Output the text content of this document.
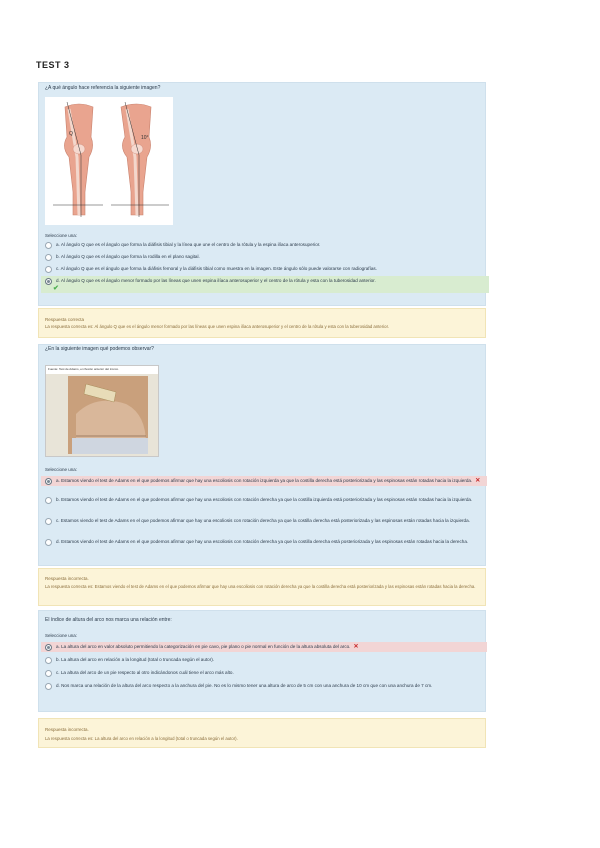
TEST 3
¿A qué ángulo hace referencia la siguiente imagen?
Q
10°
Seleccione una:
a. Al ángulo Q que es el ángulo que forma la diáfisis tibial y la línea que une el centro de la rótula y la espina ilíaca anterosuperior.
b. Al ángulo Q que es el ángulo que forma la rodilla en el plano sagital.
c. Al ángulo Q que es el ángulo que forma la diáfisis femoral y la diáfisis tibial como muestra en la imagen. Este ángulo sólo puede valorarse con radiografías.
d. Al ángulo Q que es el ángulo menor formado por las líneas que unen espina ilíaca anterosuperior y el centro de la rótula y esta con la tuberosidad anterior.
✔
Respuesta correcta
La respuesta correcta es: Al ángulo Q que es el ángulo menor formado por las líneas que unen espina ilíaca anterosuperior y el centro de la rótula y esta con la tuberosidad anterior.
¿En la siguiente imagen qué podemos observar?
Fuente: Test de Adams, en flexión anterior del tronco.
Seleccione una:
a. Estamos viendo el test de Adams en el que podemos afirmar que hay una escoliosis con rotación izquierda ya que la costilla derecha está posteriorizada y las espinosas están rotadas hacia la izquierda. ✕
b. Estamos viendo el test de Adams en el que podemos afirmar que hay una escoliosis con rotación derecha ya que la costilla izquierda está posteriorizada y las espinosas están rotadas hacia la izquierda.
c. Estamos viendo el test de Adams en el que podemos afirmar que hay una escoliosis con rotación derecha ya que la costilla derecha está posteriorizada y las espinosas están rotadas hacia la izquierda.
d. Estamos viendo el test de Adams en el que podemos afirmar que hay una escoliosis con rotación derecha ya que la costilla derecha está posteriorizada y las espinosas están rotadas hacia la derecha.
Respuesta incorrecta.
La respuesta correcta es: Estamos viendo el test de Adams en el que podemos afirmar que hay una escoliosis con rotación derecha ya que la costilla derecha está posteriorizada y las espinosas están rotadas hacia la derecha.
El índice de altura del arco nos marca una relación entre:
Seleccione una:
a. La altura del arco en valor absoluto permitiendo la categorización en pie cavo, pie plano o pie normal en función de la altura absoluta del arco. ✕
b. La altura del arco en relación a la longitud (total o truncada según el autor).
c. La altura del arco de un pie respecto al otro indicándonos cuál tiene el arco más alto.
d. Nos marca una relación de la altura del arco respecto a la anchura del pie. No es lo mismo tener una altura de arco de 5 cm con una anchura de 10 cm que con una anchura de 7 cm.
Respuesta incorrecta.
La respuesta correcta es: La altura del arco en relación a la longitud (total o truncada según el autor).
